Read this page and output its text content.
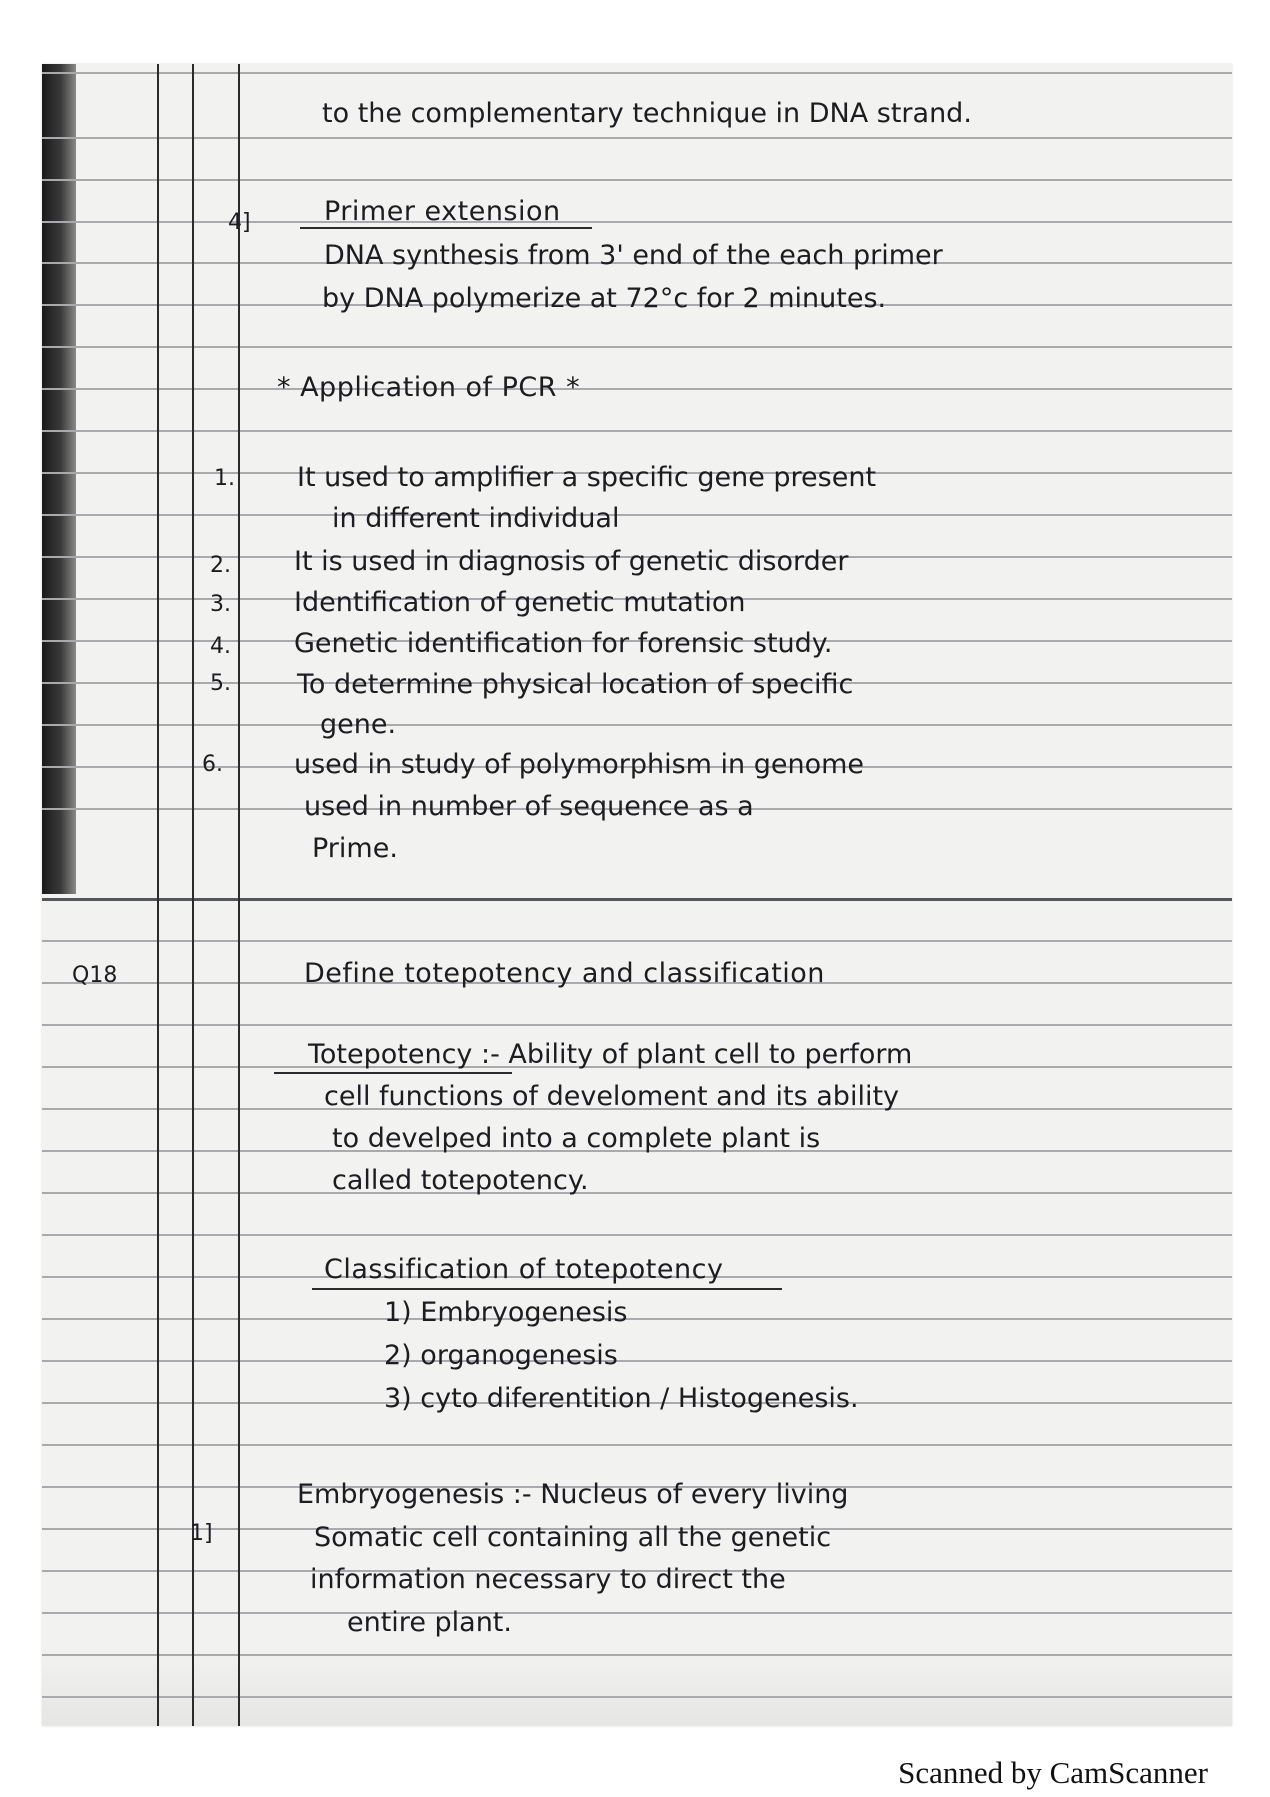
4]

1.

2.

3.

4.

5.

6.

Q18

1]

to the complementary technique in DNA strand.

Primer extension

DNA synthesis from 3' end of the each primer

by DNA polymerize at 72°c for 2 minutes.

* Application of PCR *

It used to amplifier a specific gene present

in different individual

It is used in diagnosis of genetic disorder

Identification of genetic mutation

Genetic identification for forensic study.

To determine physical location of specific

gene.

used in study of polymorphism in genome

used in number of sequence as a

Prime.

Define totepotency and classification

Totepotency :- Ability of plant cell to perform

cell functions of develoment and its ability

to develped into a complete plant is

called totepotency.

Classification of totepotency

1) Embryogenesis

2) organogenesis

3) cyto diferentition / Histogenesis.

Embryogenesis :- Nucleus of every living

Somatic cell containing all the genetic

information necessary to direct the

entire plant.

Scanned by CamScanner
